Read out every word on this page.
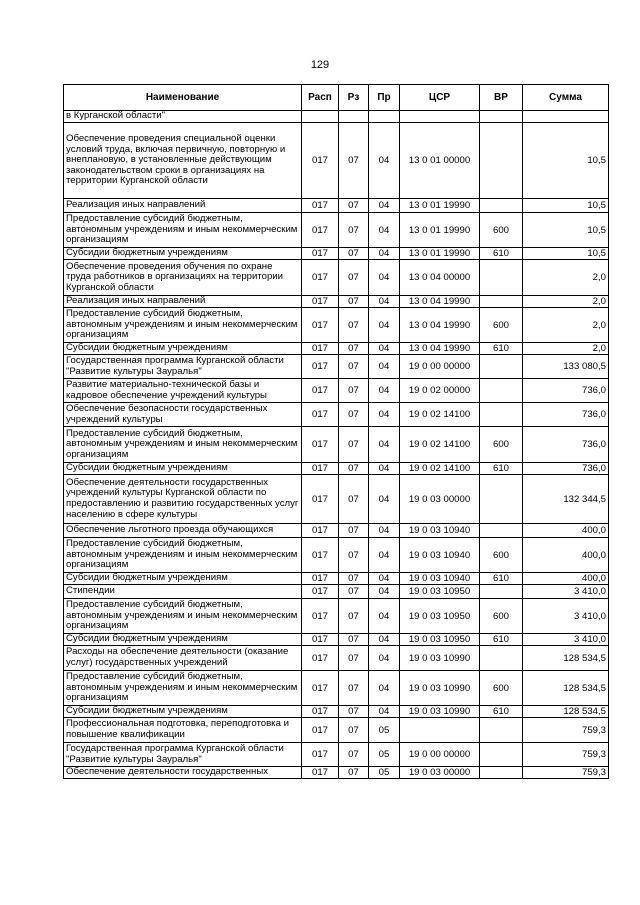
129
Наименование	Расп	Рз	Пр	ЦСР	ВР	Сумма
в Курганской области"						
Обеспечение проведения специальной оценки условий труда, включая первичную, повторную и внеплановую, в установленные действующим законодательством сроки в организациях на территории Курганской области	017	07	04	13 0 01 00000		10,5
Реализация иных направлений	017	07	04	13 0 01 19990		10,5
Предоставление субсидий бюджетным, автономным учреждениям и иным некоммерческим организациям	017	07	04	13 0 01 19990	600	10,5
Субсидии бюджетным учреждениям	017	07	04	13 0 01 19990	610	10,5
Обеспечение проведения обучения по охране труда работников в организациях на территории Курганской области	017	07	04	13 0 04 00000		2,0
Реализация иных направлений	017	07	04	13 0 04 19990		2,0
Предоставление субсидий бюджетным, автономным учреждениям и иным некоммерческим организациям	017	07	04	13 0 04 19990	600	2,0
Субсидии бюджетным учреждениям	017	07	04	13 0 04 19990	610	2,0
Государственная программа Курганской области "Развитие культуры Зауралья"	017	07	04	19 0 00 00000		133 080,5
Развитие материально-технической базы и кадровое обеспечение учреждений культуры	017	07	04	19 0 02 00000		736,0
Обеспечение безопасности государственных учреждений культуры	017	07	04	19 0 02 14100		736,0
Предоставление субсидий бюджетным, автономным учреждениям и иным некоммерческим организациям	017	07	04	19 0 02 14100	600	736,0
Субсидии бюджетным учреждениям	017	07	04	19 0 02 14100	610	736,0
Обеспечение деятельности государственных учреждений культуры Курганской области по предоставлению и развитию государственных услуг населению в сфере культуры	017	07	04	19 0 03 00000		132 344,5
Обеспечение льготного проезда обучающихся	017	07	04	19 0 03 10940		400,0
Предоставление субсидий бюджетным, автономным учреждениям и иным некоммерческим организациям	017	07	04	19 0 03 10940	600	400,0
Субсидии бюджетным учреждениям	017	07	04	19 0 03 10940	610	400,0
Стипендии	017	07	04	19 0 03 10950		3 410,0
Предоставление субсидий бюджетным, автономным учреждениям и иным некоммерческим организациям	017	07	04	19 0 03 10950	600	3 410,0
Субсидии бюджетным учреждениям	017	07	04	19 0 03 10950	610	3 410,0
Расходы на обеспечение деятельности (оказание услуг) государственных учреждений	017	07	04	19 0 03 10990		128 534,5
Предоставление субсидий бюджетным, автономным учреждениям и иным некоммерческим организациям	017	07	04	19 0 03 10990	600	128 534,5
Субсидии бюджетным учреждениям	017	07	04	19 0 03 10990	610	128 534,5
Профессиональная подготовка, переподготовка и повышение квалификации	017	07	05			759,3
Государственная программа Курганской области "Развитие культуры Зауралья"	017	07	05	19 0 00 00000		759,3
Обеспечение деятельности государственных	017	07	05	19 0 03 00000		759,3
